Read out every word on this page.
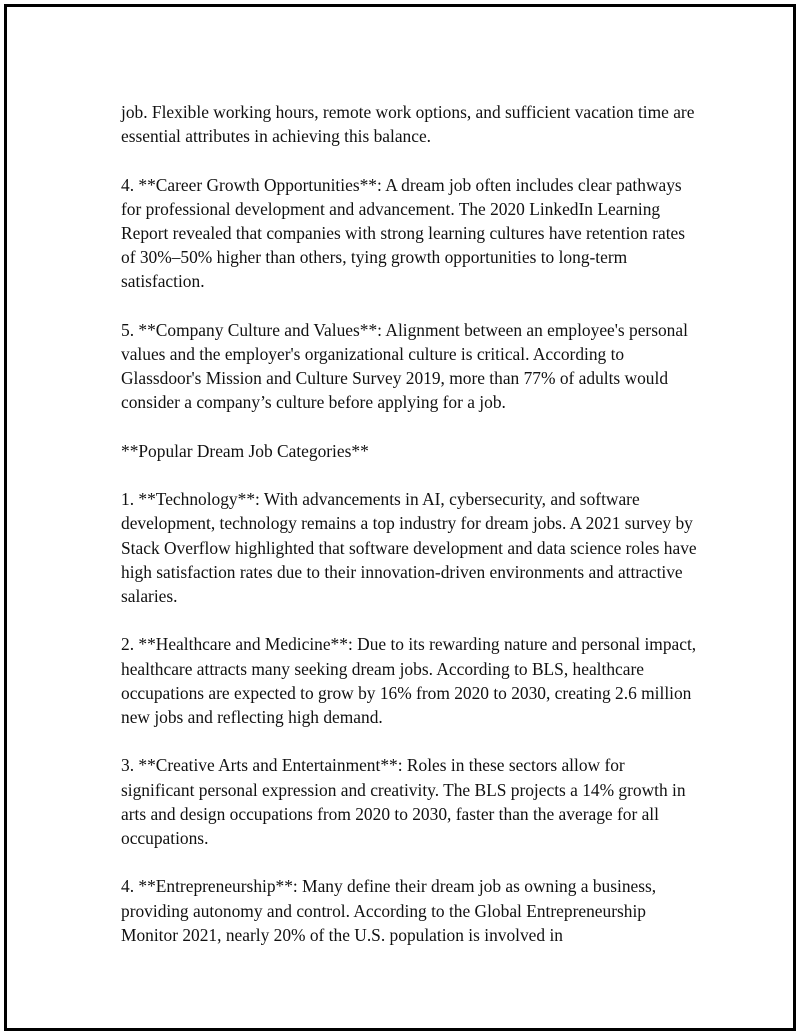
job. Flexible working hours, remote work options, and sufficient vacation time are essential attributes in achieving this balance.

4. **Career Growth Opportunities**: A dream job often includes clear pathways for professional development and advancement. The 2020 LinkedIn Learning Report revealed that companies with strong learning cultures have retention rates of 30%–50% higher than others, tying growth opportunities to long-term satisfaction.

5. **Company Culture and Values**: Alignment between an employee's personal values and the employer's organizational culture is critical. According to Glassdoor's Mission and Culture Survey 2019, more than 77% of adults would consider a company’s culture before applying for a job.

**Popular Dream Job Categories**

1. **Technology**: With advancements in AI, cybersecurity, and software development, technology remains a top industry for dream jobs. A 2021 survey by Stack Overflow highlighted that software development and data science roles have high satisfaction rates due to their innovation-driven environments and attractive salaries.

2. **Healthcare and Medicine**: Due to its rewarding nature and personal impact, healthcare attracts many seeking dream jobs. According to BLS, healthcare occupations are expected to grow by 16% from 2020 to 2030, creating 2.6 million new jobs and reflecting high demand.

3. **Creative Arts and Entertainment**: Roles in these sectors allow for significant personal expression and creativity. The BLS projects a 14% growth in arts and design occupations from 2020 to 2030, faster than the average for all occupations.

4. **Entrepreneurship**: Many define their dream job as owning a business, providing autonomy and control. According to the Global Entrepreneurship Monitor 2021, nearly 20% of the U.S. population is involved in
